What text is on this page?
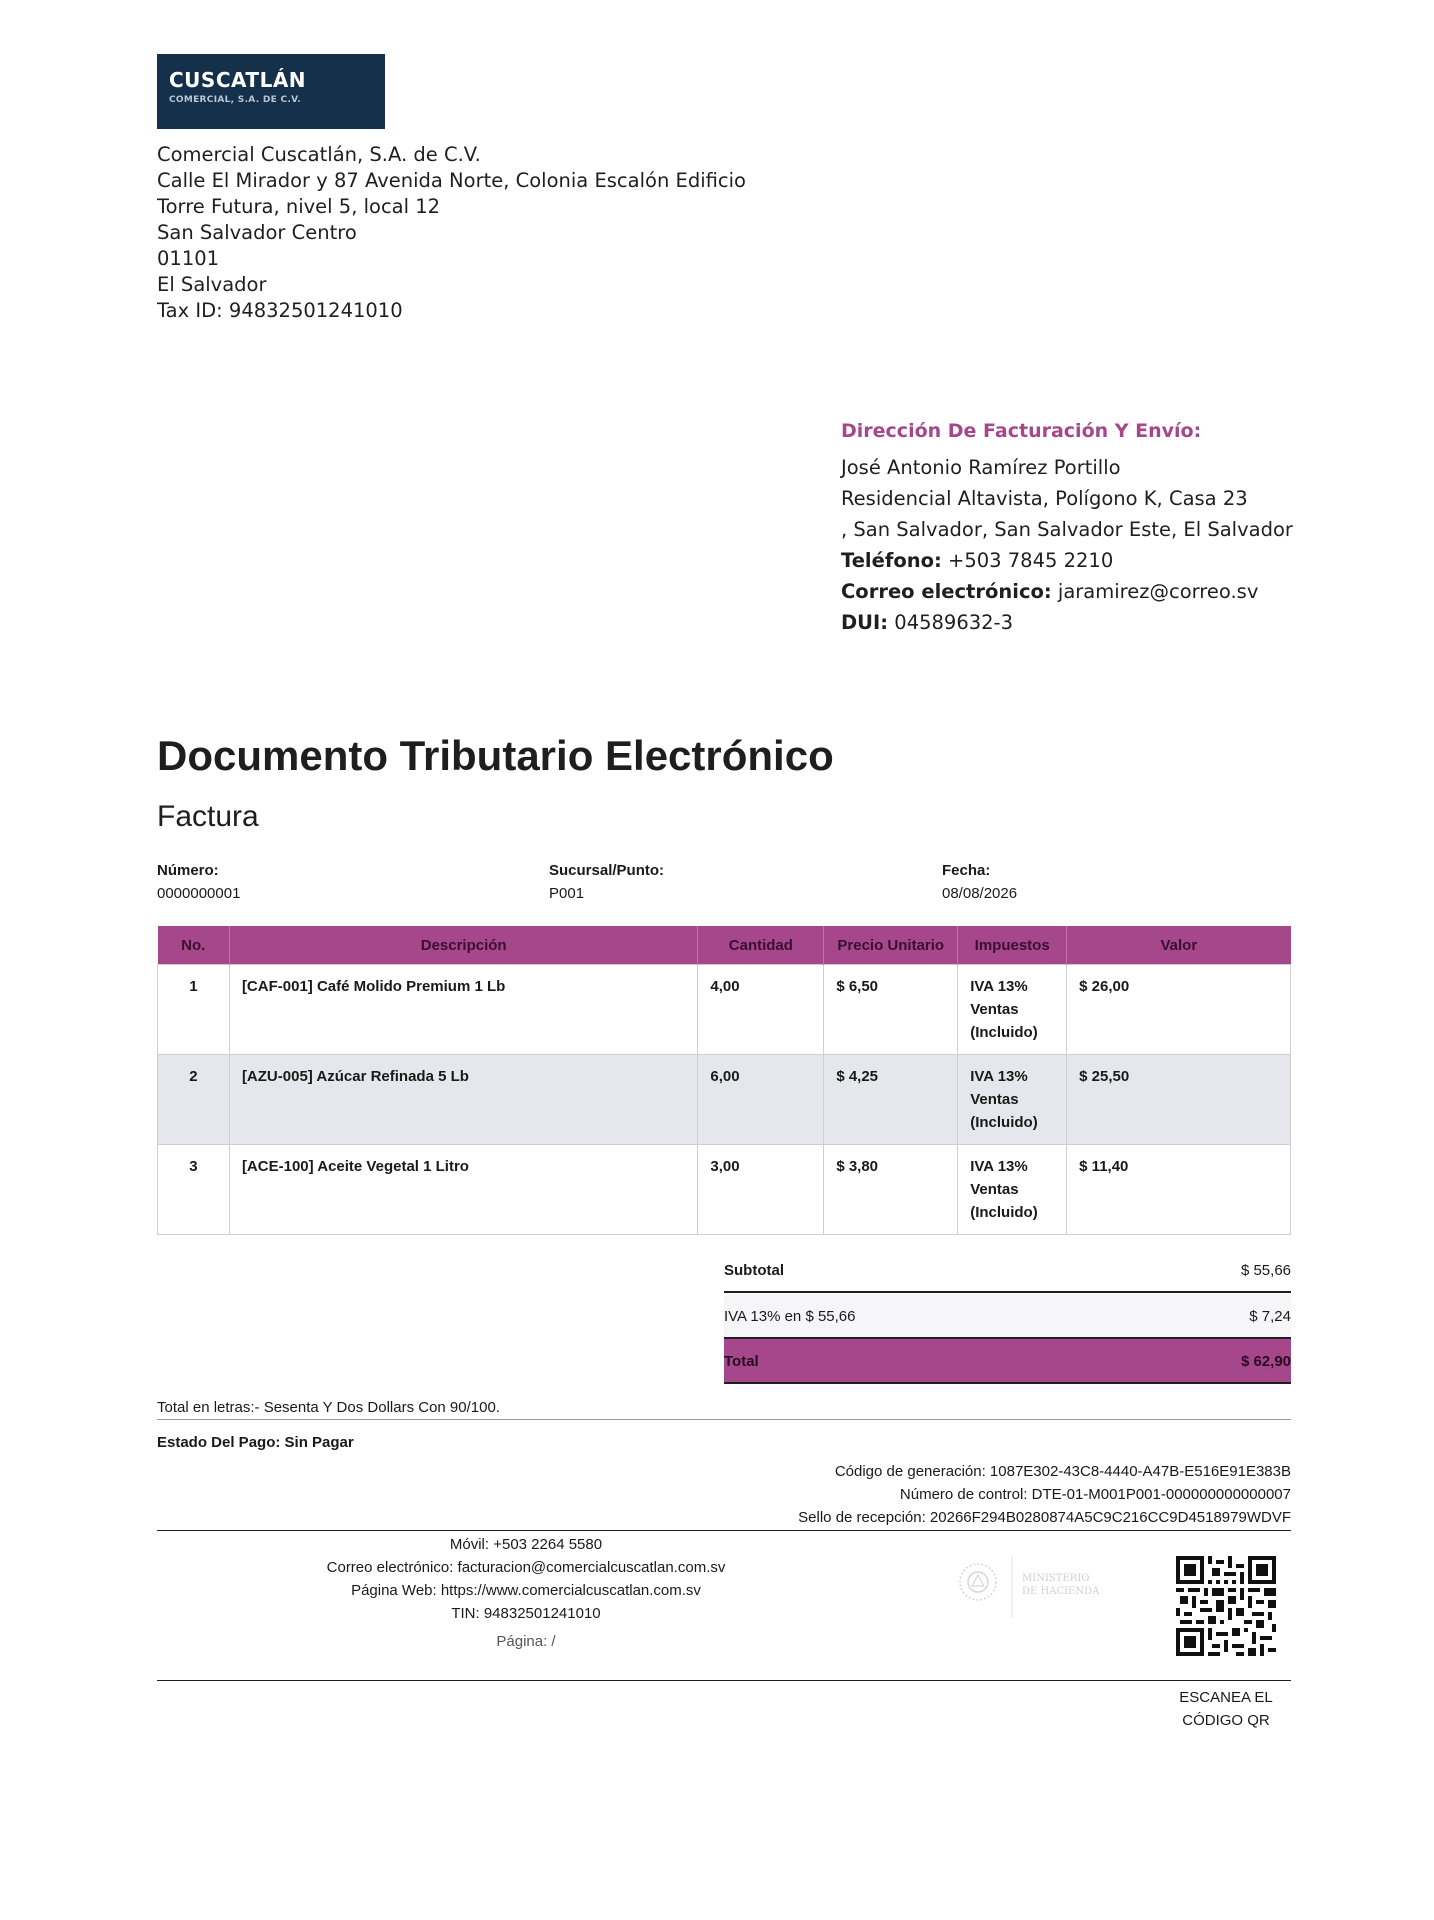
CUSCATLÁN
COMERCIAL, S.A. DE C.V.
Comercial Cuscatlán, S.A. de C.V.
Calle El Mirador y 87 Avenida Norte, Colonia Escalón Edificio
Torre Futura, nivel 5, local 12
San Salvador Centro
01101
El Salvador
Tax ID: 94832501241010
Dirección De Facturación Y Envío:
José Antonio Ramírez Portillo
Residencial Altavista, Polígono K, Casa 23
, San Salvador, San Salvador Este, El Salvador
Teléfono: +503 7845 2210
Correo electrónico: jaramirez@correo.sv
DUI: 04589632-3
Documento Tributario Electrónico
Factura
Número:
0000000001
Sucursal/Punto:
P001
Fecha:
08/08/2026
No.	Descripción	Cantidad	Precio Unitario	Impuestos	Valor
1	[CAF-001] Café Molido Premium 1 Lb	4,00	$ 6,50	IVA 13%
Ventas
(Incluido)	$ 26,00
2	[AZU-005] Azúcar Refinada 5 Lb	6,00	$ 4,25	IVA 13%
Ventas
(Incluido)	$ 25,50
3	[ACE-100] Aceite Vegetal 1 Litro	3,00	$ 3,80	IVA 13%
Ventas
(Incluido)	$ 11,40
Subtotal	$ 55,66
IVA 13% en $ 55,66	$ 7,24
Total	$ 62,90
Total en letras:- Sesenta Y Dos Dollars Con 90/100.
Estado Del Pago: Sin Pagar
Código de generación: 1087E302-43C8-4440-A47B-E516E91E383B
Número de control: DTE-01-M001P001-000000000000007
Sello de recepción: 20266F294B0280874A5C9C216CC9D4518979WDVF
Móvil: +503 2264 5580
Correo electrónico: facturacion@comercialcuscatlan.com.sv
Página Web: https://www.comercialcuscatlan.com.sv
TIN: 94832501241010
Página: /
MINISTERIO
DE HACIENDA
ESCANEA EL
CÓDIGO QR
